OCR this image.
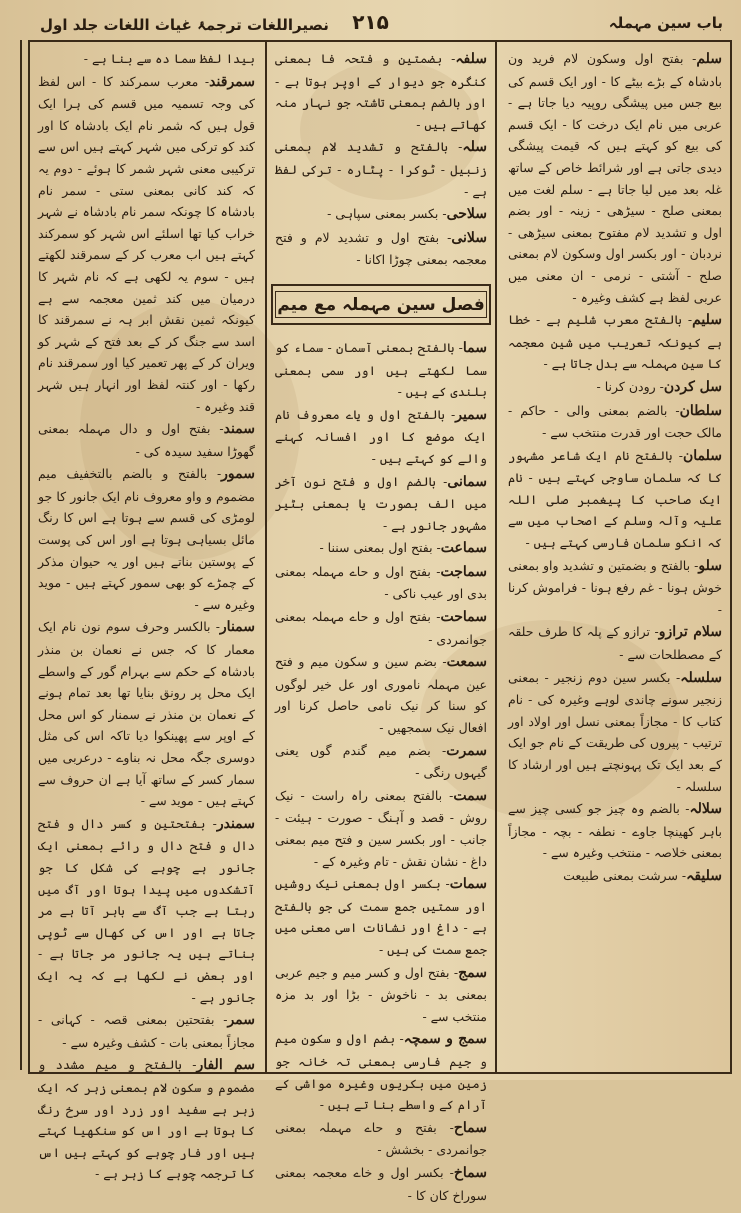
نصیراللغات ترجمۂ غیاث اللغات جلد اول	۲۱۵	باب سین مہملہ
سلم- بفتح اول وسکون لام فرید ون بادشاہ کے بڑے بیٹے کا - اور ایک قسم کی بیع جس میں پیشگی روپیہ دیا جاتا ہے - عربی میں نام ایک درخت کا - ایک قسم کی بیع کو کہتے ہیں کہ قیمت پیشگی دیدی جاتی ہے اور شرائط خاص کے ساتھ غلہ بعد میں لیا جاتا ہے - سلم لغت میں بمعنی صلح - سیڑھی - زینہ - اور بضم اول و تشدید لام مفتوح بمعنی سیڑھی - نردبان - اور بکسر اول وسکون لام بمعنی صلح - آشتی - نرمی - ان معنی میں عربی لفظ ہے کشف وغیرہ -
سلیم- بالفتح معرب شلیم ہے - خطا ہے کیونکہ تعریب میں شین معجمہ کا سین مہملہ سے بدل جاتا ہے -
سل کردن- رودن کرنا -
سلطان- بالضم بمعنی والی - حاکم - مالک حجت اور قدرت منتخب سے -
سلمان- بالفتح نام ایک شاعر مشہور کا کہ سلمان ساوجی کہتے ہیں - نام ایک صاحب کا پیغمبر صلی اللہ علیہ وآلہ وسلم کے اصحاب میں سے کہ انکو سلمان فارسی کہتے ہیں -
سلو- بالفتح و بضمتین و تشدید واو بمعنی خوش ہونا - غم رفع ہونا - فراموش کرنا -
سلام ترازو- ترازو کے پلہ کا طرف حلقہ کے مصطلحات سے -
سلسلہ- بکسر سین دوم زنجیر - بمعنی زنجیر سونے چاندی لوہے وغیرہ کی - نام کتاب کا - مجازاً بمعنی نسل اور اولاد اور ترتیب - پیروں کی طریقت کے نام جو ایک کے بعد ایک تک پہونچتے ہیں اور ارشاد کا سلسلہ -
سلالہ- بالضم وہ چیز جو کسی چیز سے باہر کھینچا جاوے - نطفہ - بچہ - مجازاً بمعنی خلاصہ - منتخب وغیرہ سے -
سلیقہ- سرشت بمعنی طبیعت
سلفہ- بضمتین و فتحہ فا بمعنی کنگرہ جو دیوار کے اوپر ہوتا ہے - اور بالضم بمعنی تاشتہ جو نہار منہ کھاتے ہیں -
سلہ- بالفتح و تشدید لام بمعنی زنبیل - ٹوکرا - پٹارہ - ترکی لفظ ہے -
سلاحی- بکسر بمعنی سپاہی -
سلانی- بفتح اول و تشدید لام و فتح معجمہ بمعنی چوڑا اکانا -
فصل سین مہملہ مع میم
سما- بالفتح بمعنی آسمان - سماء کو سما لکھتے ہیں اور سمی بمعنی بلندی کے ہیں -
سمیر- بالفتح اول و یاے معروف نام ایک موضع کا اور افسانہ کہنے والے کو کہتے ہیں -
سمانی- بالضم اول و فتح نون آخر میں الف بصورت یا بمعنی بٹیر مشہور جانور ہے -
سماعت- بفتح اول بمعنی سننا -
سماجت- بفتح اول و حاے مہملہ بمعنی بدی اور عیب ناکی -
سماحت- بفتح اول و حاے مہملہ بمعنی جوانمردی -
سمعت- بضم سین و سکون میم و فتح عین مہملہ ناموری اور عل خیر لوگوں کو سنا کر نیک نامی حاصل کرنا اور افعال نیک سمجھیں -
سمرت- بضم میم گندم گوں یعنی گیہوں رنگی -
سمت- بالفتح بمعنی راہ راست - نیک روش - قصد و آہنگ - صورت - ہیئت - جانب - اور بکسر سین و فتح میم بمعنی داغ - نشان نقش - تام وغیرہ کے -
سمات- بکسر اول بمعنی نیک روشیں اور سمتیں جمع سمت کی جو بالفتح ہے - داغ اور نشانات اسی معنی میں جمع سمت کی ہیں -
سمج- بفتح اول و کسر میم و جیم عربی بمعنی بد - ناخوش - بڑا اور بد مزہ منتخب سے -
سمج و سمچہ- بضم اول و سکون میم و جیم فارسی بمعنی تہ خانہ جو زمین میں بکریوں وغیرہ مواشی کے آرام کے واسطے بنا تے ہیں -
سماح- بفتح و حاے مہملہ بمعنی جوانمردی - بخشش -
سماخ- بکسر اول و خاے معجمہ بمعنی سوراخ کان کا -
بیدا لفظ سما دہ سے بنا ہے -
سمرقند- معرب سمرکند کا - اس لفظ کی وجہ تسمیہ میں قسم کی ہرا ایک قول ہیں کہ شمر نام ایک بادشاہ کا اور کند کو ترکی میں شہر کہتے ہیں اس سے ترکیبی معنی شہر شمر کا ہوئے - دوم یہ کہ کند کانی بمعنی ستی - سمر نام بادشاہ کا چونکہ سمر نام بادشاہ نے شہر خراب کیا تھا اسلئے اس شہر کو سمرکند کہتے ہیں اب معرب کر کے سمرقند لکھتے ہیں - سوم یہ لکھی ہے کہ نام شہر کا درمیان میں کند ثمین معجمہ سے ہے کیونکہ ثمین نقش ابر ہہ نے سمرقند کا اسد سے جنگ کر کے بعد فتح کے شہر کو ویران کر کے پھر تعمیر کیا اور سمرقند نام رکھا - اور کنتہ لفظ اور انہار ہیں شہر قند وغیرہ -
سمند- بفتح اول و دال مہملہ بمعنی گھوڑا سفید سیدہ کی -
سمور- بالفتح و بالضم بالتخفیف میم مضموم و واو معروف نام ایک جانور کا جو لومڑی کی قسم سے ہوتا ہے اس کا رنگ مائل بسیاہی ہوتا ہے اور اس کی پوست کے پوستین بناتے ہیں اور یہ حیوان مذکر کے چمڑے کو بھی سمور کہتے ہیں - موید وغیرہ سے -
سمنار- بالکسر وحرف سوم نون نام ایک معمار کا کہ جس نے نعمان بن منذر بادشاہ کے حکم سے بہرام گور کے واسطے ایک محل پر رونق بنایا تھا بعد تمام ہونے کے نعمان بن منذر نے سمنار کو اس محل کے اوپر سے پھینکوا دیا تاکہ اس کی مثل دوسری جگہ محل نہ بناوے - درعربی میں سمار کسر کے ساتھ آیا ہے ان حروف سے کہتے ہیں - موید سے -
سمندر- بفتحتین و کسر دال و فتح دال و فتح دال و رائے بمعنی ایک جانور ہے چوہے کی شکل کا جو آتشکدوں میں پیدا ہوتا اور آگ میں رہتا ہے جب آگ سے باہر آتا ہے مر جاتا ہے اور اس کی کھال سے ٹوپی بناتے ہیں یہ جانور مر جاتا ہے - اور بعض نے لکھا ہے کہ یہ ایک جانور ہے -
سمر- بفتحتین بمعنی قصہ - کہانی - مجازاً بمعنی بات - کشف وغیرہ سے -
سم الفار- بالفتح و میم مشدد و مضموم و سکون لام بمعنی زہر کہ ایک زہر ہے سفید اور زرد اور سرخ رنگ کا ہوتا ہے اور اس کو سنکھیا کہتے ہیں اور فار چوہے کو کہتے ہیں اس کا ترجمہ چوہے کا زہر ہے -
